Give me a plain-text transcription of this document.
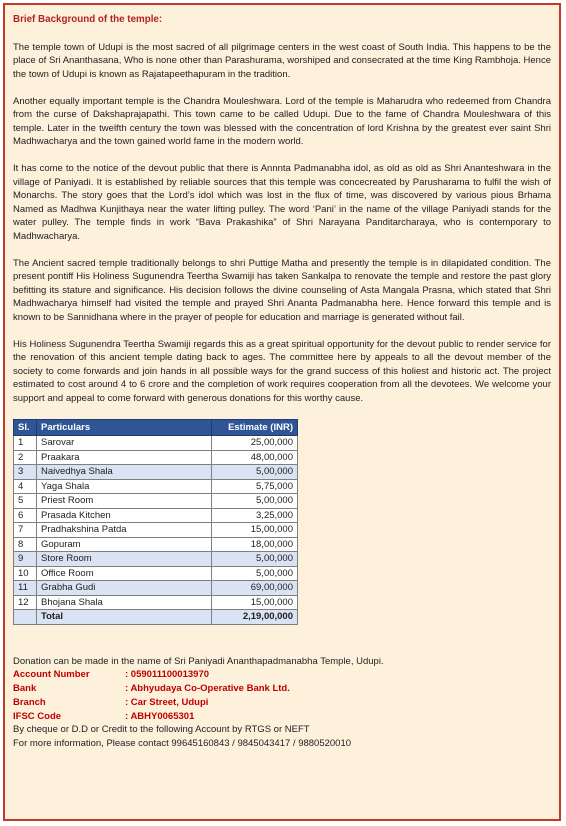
Brief Background of the temple:

The temple town of Udupi is the most sacred of all pilgrimage centers in the west coast of South India. This happens to be the place of Sri Ananthasana, Who is none other than Parashurama, worshiped and consecrated at the time King Rambhoja. Hence the town of Udupi is known as Rajatapeethapuram in the tradition.

Another equally important temple is the Chandra Mouleshwara. Lord of the temple is Maharudra who redeemed from Chandra from the curse of Dakshaprajapathi. This town came to be called Udupi. Due to the fame of Chandra Mouleshwara of this temple. Later in the twelfth century the town was blessed with the concentration of lord Krishna by the greatest ever saint Shri Madhwacharya and the town gained world fame in the modern world.

It has come to the notice of the devout public that there is Annnta Padmanabha idol, as old as old as Shri Ananteshwara in the village of Paniyadi. It is established by reliable sources that this temple was concecreated by Parusharama to fulfil the wish of Monarchs. The story goes that the Lord’s idol which was lost in the flux of time, was discovered by various pious Brhama Named as Madhwa Kunjithaya near the water lifting pulley. The word ‘Pani’ in the name of the village Paniyadi stands for the water pulley. The temple finds in work “Bava Prakashika” of Shri Narayana Panditarcharaya, who is contemporary to Madhwacharya.

The Ancient sacred temple traditionally belongs to shri Puttige Matha and presently the temple is in dilapidated condition. The present pontiff His Holiness Sugunendra Teertha Swamiji has taken Sankalpa to renovate the temple and restore the past glory befitting its stature and significance. His decision follows the divine counseling of Asta Mangala Prasna, which stated that Shri Madhwacharya himself had visited the temple and prayed Shri Ananta Padmanabha here. Hence forward this temple and is known to be Sannidhana where in the prayer of people for education and marriage is generated without fail.

His Holiness Sugunendra Teertha Swamiji regards this as a great spiritual opportunity for the devout public to render service for the renovation of this ancient temple dating back to ages. The committee here by appeals to all the devout member of the society to come forwards and join hands in all possible ways for the grand success of this holiest and historic act. The project estimated to cost around 4 to 6 crore and the completion of work requires cooperation from all the devotees. We welcome your support and appeal to come forward with generous donations for this worthy cause.

Sl.	Particulars	Estimate (INR)
1	Sarovar	25,00,000
2	Praakara	48,00,000
3	Naivedhya Shala	5,00,000
4	Yaga Shala	5,75,000
5	Priest Room	5,00,000
6	Prasada Kitchen	3,25,000
7	Pradhakshina Patda	15,00,000
8	Gopuram	18,00,000
9	Store Room	5,00,000
10	Office Room	5,00,000
11	Grabha Gudi	69,00,000
12	Bhojana Shala	15,00,000
	Total	2,19,00,000

Donation can be made in the name of Sri Paniyadi Ananthapadmanabha Temple, Udupi.

Account Number	: 059011100013970
Bank	: Abhyudaya Co-Operative Bank Ltd.
Branch	: Car Street, Udupi
IFSC Code	: ABHY0065301

By cheque or D.D or Credit to the following Account by RTGS or NEFT

For more information, Please contact 99645160843 / 9845043417 / 9880520010
